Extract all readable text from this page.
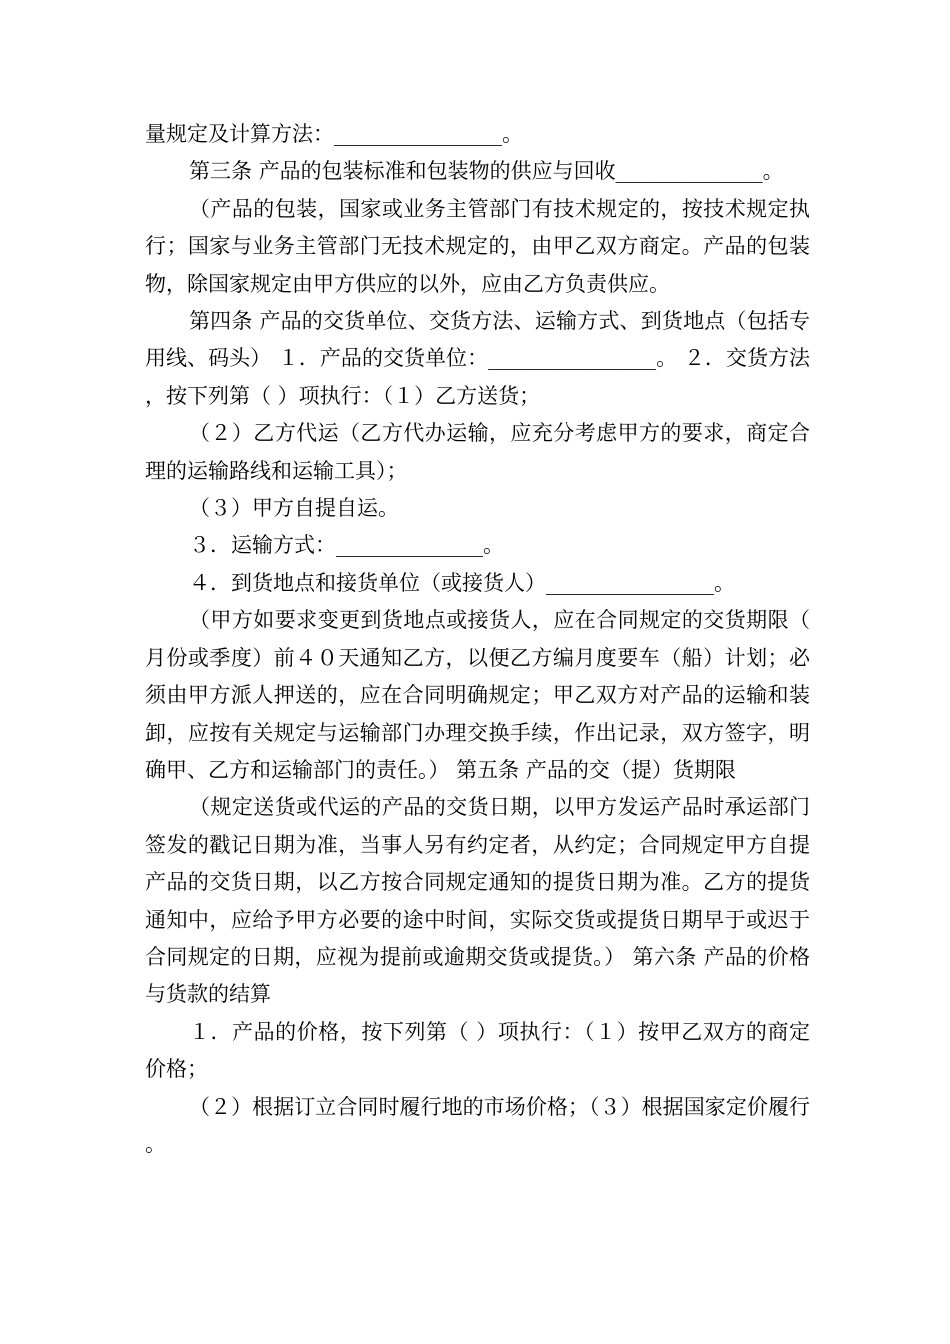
量规定及计算方法：________________。

第三条 产品的包装标准和包装物的供应与回收______________。

（产品的包装，国家或业务主管部门有技术规定的，按技术规定执行；国家与业务主管部门无技术规定的，由甲乙双方商定。产品的包装物，除国家规定由甲方供应的以外，应由乙方负责供应。

第四条 产品的交货单位、交货方法、运输方式、到货地点（包括专用线、码头） １．产品的交货单位：________________。 ２．交货方法，按下列第（ ）项执行：（１）乙方送货；

（２）乙方代运（乙方代办运输，应充分考虑甲方的要求，商定合理的运输路线和运输工具）；

（３）甲方自提自运。

３．运输方式：______________。

４．到货地点和接货单位（或接货人）________________。

（甲方如要求变更到货地点或接货人，应在合同规定的交货期限（月份或季度）前４０天通知乙方，以便乙方编月度要车（船）计划；必须由甲方派人押送的，应在合同明确规定；甲乙双方对产品的运输和装卸，应按有关规定与运输部门办理交换手续，作出记录，双方签字，明确甲、乙方和运输部门的责任。） 第五条 产品的交（提）货期限

（规定送货或代运的产品的交货日期，以甲方发运产品时承运部门签发的戳记日期为准，当事人另有约定者，从约定；合同规定甲方自提产品的交货日期，以乙方按合同规定通知的提货日期为准。乙方的提货通知中，应给予甲方必要的途中时间，实际交货或提货日期早于或迟于合同规定的日期，应视为提前或逾期交货或提货。） 第六条 产品的价格与货款的结算

１．产品的价格，按下列第（ ）项执行：（１）按甲乙双方的商定价格；

（２）根据订立合同时履行地的市场价格；（３）根据国家定价履行。
